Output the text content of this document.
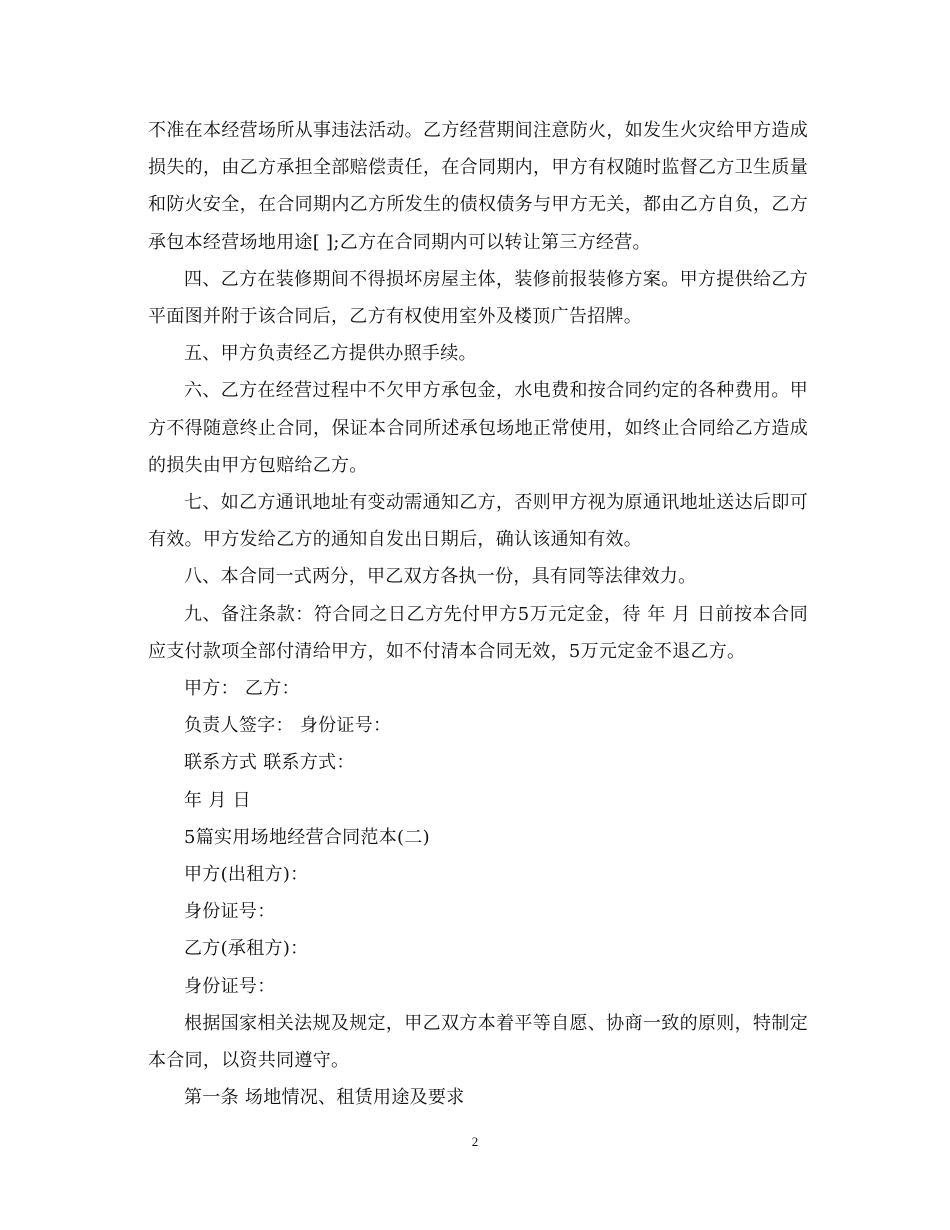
不准在本经营场所从事违法活动。乙方经营期间注意防火，如发生火灾给甲方造成损失的，由乙方承担全部赔偿责任，在合同期内，甲方有权随时监督乙方卫生质量和防火安全，在合同期内乙方所发生的债权债务与甲方无关，都由乙方自负，乙方承包本经营场地用途[ ];乙方在合同期内可以转让第三方经营。

四、乙方在装修期间不得损坏房屋主体，装修前报装修方案。甲方提供给乙方平面图并附于该合同后，乙方有权使用室外及楼顶广告招牌。

五、甲方负责经乙方提供办照手续。

六、乙方在经营过程中不欠甲方承包金，水电费和按合同约定的各种费用。甲方不得随意终止合同，保证本合同所述承包场地正常使用，如终止合同给乙方造成的损失由甲方包赔给乙方。

七、如乙方通讯地址有变动需通知乙方，否则甲方视为原通讯地址送达后即可有效。甲方发给乙方的通知自发出日期后，确认该通知有效。

八、本合同一式两分，甲乙双方各执一份，具有同等法律效力。

九、备注条款：符合同之日乙方先付甲方5万元定金，待 年 月 日前按本合同应支付款项全部付清给甲方，如不付清本合同无效，5万元定金不退乙方。

甲方： 乙方：

负责人签字： 身份证号：

联系方式 联系方式：

年 月 日

5篇实用场地经营合同范本(二)

甲方(出租方)：

身份证号：

乙方(承租方)：

身份证号：

根据国家相关法规及规定，甲乙双方本着平等自愿、协商一致的原则，特制定本合同，以资共同遵守。

第一条 场地情况、租赁用途及要求

2
